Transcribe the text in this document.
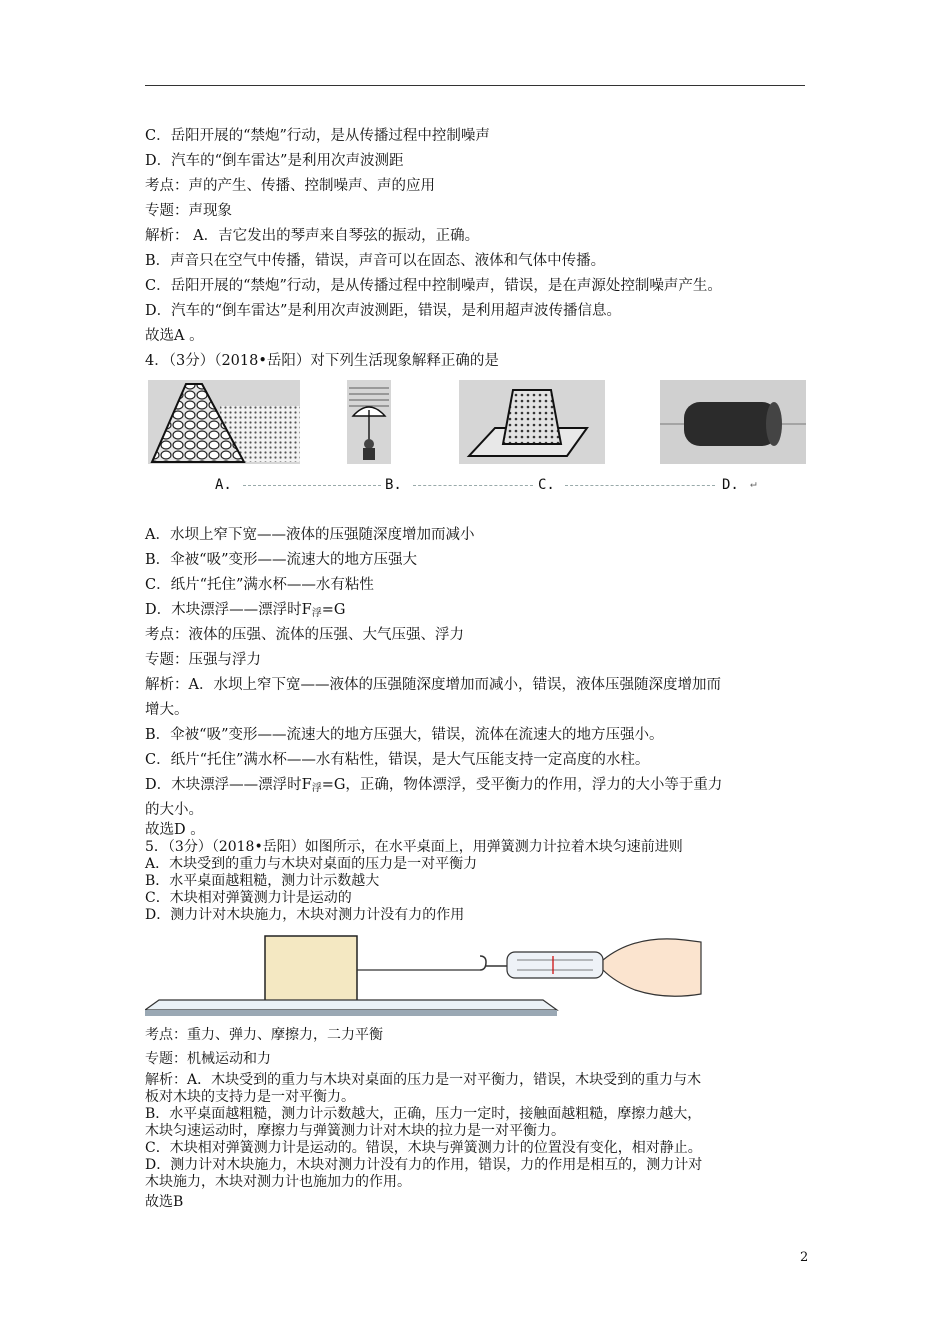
C．岳阳开展的“禁炮”行动，是从传播过程中控制噪声
D．汽车的“倒车雷达”是利用次声波测距
考点：声的产生、传播、控制噪声、声的应用
专题：声现象
解析： A．吉它发出的琴声来自琴弦的振动，正确。
B．声音只在空气中传播，错误，声音可以在固态、液体和气体中传播。
C．岳阳开展的“禁炮”行动，是从传播过程中控制噪声，错误，是在声源处控制噪声产生。
D．汽车的“倒车雷达”是利用次声波测距，错误，是利用超声波传播信息。
故选A 。
4．（3分）（2018•岳阳）对下列生活现象解释正确的是
A.	B.	C.	D. ↵
A．水坝上窄下宽——液体的压强随深度增加而减小
B．伞被“吸”变形——流速大的地方压强大
C．纸片“托住”满水杯——水有粘性
D．木块漂浮——漂浮时$F_浮=G$
考点：液体的压强、流体的压强、大气压强、浮力
专题：压强与浮力
解析：A．水坝上窄下宽——液体的压强随深度增加而减小，错误，液体压强随深度增加而
增大。
B．伞被“吸”变形——流速大的地方压强大，错误，流体在流速大的地方压强小。
C．纸片“托住”满水杯——水有粘性，错误，是大气压能支持一定高度的水柱。
D．木块漂浮——漂浮时$F_浮=G$，正确，物体漂浮，受平衡力的作用，浮力的大小等于重力
的大小。
故选D 。
5．（3分）（2018•岳阳）如图所示，在水平桌面上，用弹簧测力计拉着木块匀速前进则
A．木块受到的重力与木块对桌面的压力是一对平衡力
B．水平桌面越粗糙，测力计示数越大
C．木块相对弹簧测力计是运动的
D．测力计对木块施力，木块对测力计没有力的作用
考点：重力、弹力、摩擦力，二力平衡
专题：机械运动和力
解析：A．木块受到的重力与木块对桌面的压力是一对平衡力，错误，木块受到的重力与木
板对木块的支持力是一对平衡力。
B．水平桌面越粗糙，测力计示数越大，正确，压力一定时，接触面越粗糙，摩擦力越大，
木块匀速运动时，摩擦力与弹簧测力计对木块的拉力是一对平衡力。
C．木块相对弹簧测力计是运动的。错误，木块与弹簧测力计的位置没有变化，相对静止。
D．测力计对木块施力，木块对测力计没有力的作用，错误，力的作用是相互的，测力计对
木块施力，木块对测力计也施加力的作用。
故选B
2
